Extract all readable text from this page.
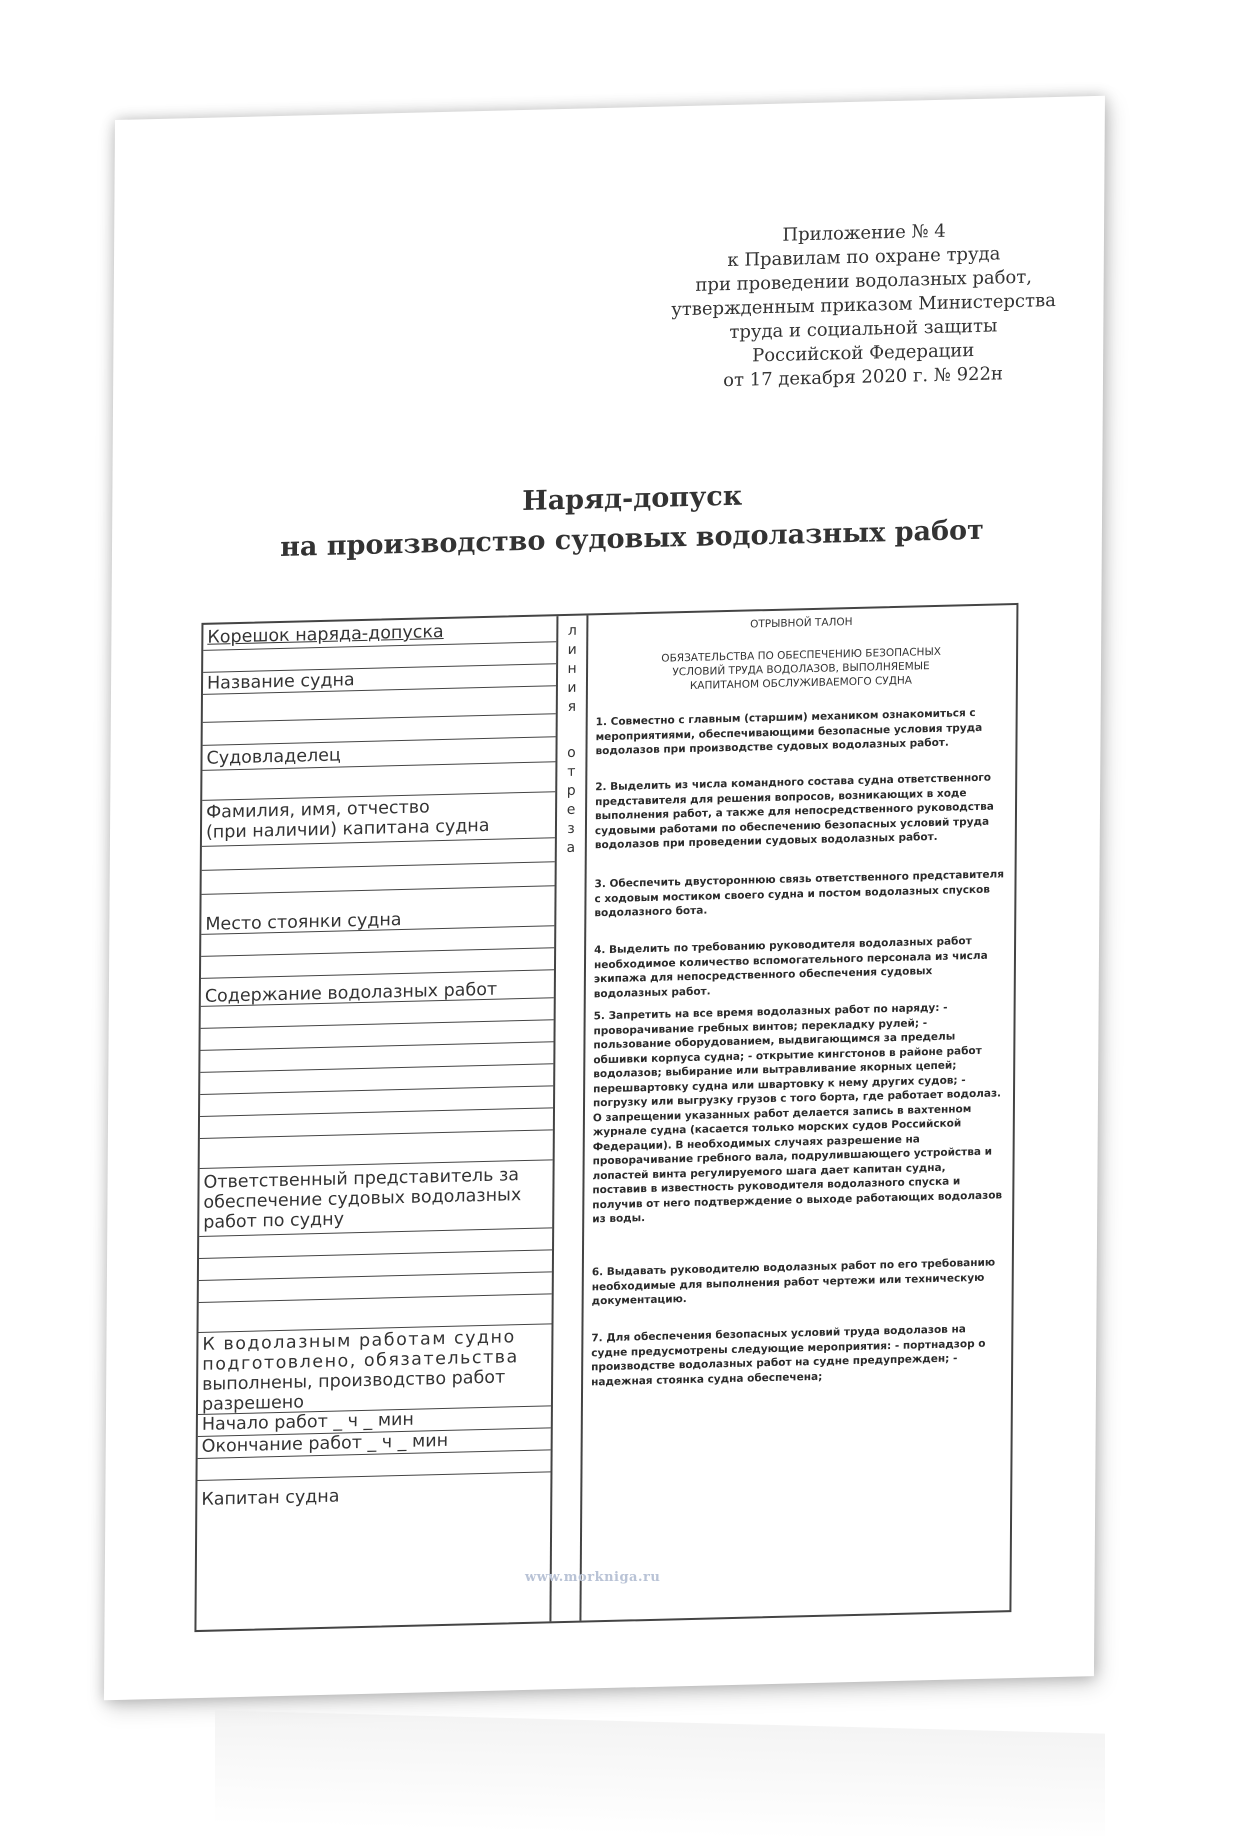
Приложение № 4
к Правилам по охране труда
при проведении водолазных работ,
утвержденным приказом Министерства
труда и социальной защиты
Российской Федерации
от 17 декабря 2020 г. № 922н
Наряд-допуск
на производство судовых водолазных работ
Корешок наряда-допуска
Название судна
Судовладелец
Фамилия, имя, отчество
(при наличии) капитана судна
Место стоянки судна
Содержание водолазных работ
Ответственный представитель за
обеспечение судовых водолазных
работ по судну
К водолазным работам судно
подготовлено, обязательства
выполнены, производство работ
разрешено
Начало работ _ ч _ мин
Окончание работ _ ч _ мин
Капитан судна
л
и
н
и
я
о
т
р
е
з
а
ОТРЫВНОЙ ТАЛОН
ОБЯЗАТЕЛЬСТВА ПО ОБЕСПЕЧЕНИЮ БЕЗОПАСНЫХ
УСЛОВИЙ ТРУДА ВОДОЛАЗОВ, ВЫПОЛНЯЕМЫЕ
КАПИТАНОМ ОБСЛУЖИВАЕМОГО СУДНА
1. Совместно с главным (старшим) механиком ознакомиться с мероприятиями, обеспечивающими безопасные условия труда водолазов при производстве судовых водолазных работ.
2. Выделить из числа командного состава судна ответственного представителя для решения вопросов, возникающих в ходе выполнения работ, а также для непосредственного руководства судовыми работами по обеспечению безопасных условий труда водолазов при проведении судовых водолазных работ.
3. Обеспечить двустороннюю связь ответственного представителя с ходовым мостиком своего судна и постом водолазных спусков водолазного бота.
4. Выделить по требованию руководителя водолазных работ необходимое количество вспомогательного персонала из числа экипажа для непосредственного обеспечения судовых водолазных работ.
5. Запретить на все время водолазных работ по наряду: - проворачивание гребных винтов; перекладку рулей; - пользование оборудованием, выдвигающимся за пределы обшивки корпуса судна; - открытие кингстонов в районе работ водолазов; выбирание или вытравливание якорных цепей; перешвартовку судна или швартовку к нему других судов; - погрузку или выгрузку грузов с того борта, где работает водолаз. О запрещении указанных работ делается запись в вахтенном журнале судна (касается только морских судов Российской Федерации). В необходимых случаях разрешение на проворачивание гребного вала, подрулившающего устройства и лопастей винта регулируемого шага дает капитан судна, поставив в известность руководителя водолазного спуска и получив от него подтверждение о выходе работающих водолазов из воды.
6. Выдавать руководителю водолазных работ по его требованию необходимые для выполнения работ чертежи или техническую документацию.
7. Для обеспечения безопасных условий труда водолазов на судне предусмотрены следующие мероприятия: - портнадзор о производстве водолазных работ на судне предупрежден; - надежная стоянка судна обеспечена;
www.morkniga.ru
